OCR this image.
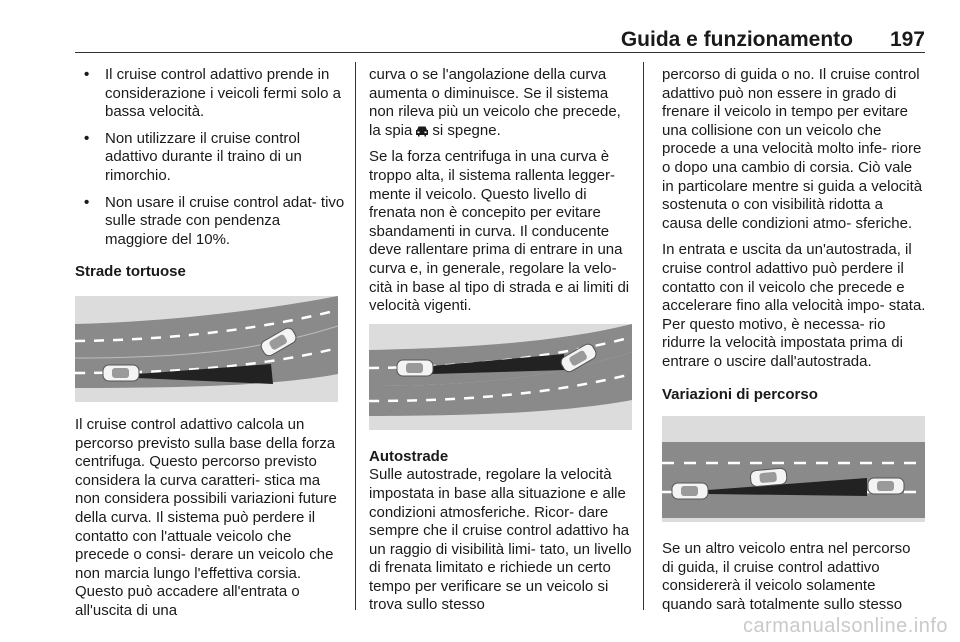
Guida e funzionamento 197
• Il cruise control adattivo prende in considerazione i veicoli fermi solo a bassa velocità.
• Non utilizzare il cruise control adattivo durante il traino di un rimorchio.
• Non usare il cruise control adat- tivo sulle strade con pendenza maggiore del 10%.
Strade tortuose

Il cruise control adattivo calcola un percorso previsto sulla base della forza centrifuga. Questo percorso previsto considera la curva caratteri- stica ma non considera possibili variazioni future della curva. Il sistema può perdere il contatto con l'attuale veicolo che precede o consi- derare un veicolo che non marcia lungo l'effettiva corsia. Questo può accadere all'entrata o all'uscita di una

curva o se l'angolazione della curva aumenta o diminuisce. Se il sistema non rileva più un veicolo che precede, la spia si spegne.

Se la forza centrifuga in una curva è troppo alta, il sistema rallenta legger- mente il veicolo. Questo livello di frenata non è concepito per evitare sbandamenti in curva. Il conducente deve rallentare prima di entrare in una curva e, in generale, regolare la velo- cità in base al tipo di strada e ai limiti di velocità vigenti.

Autostrade

Sulle autostrade, regolare la velocità impostata in base alla situazione e alle condizioni atmosferiche. Ricor- dare sempre che il cruise control adattivo ha un raggio di visibilità limi- tato, un livello di frenata limitato e richiede un certo tempo per verificare se un veicolo si trova sullo stesso

percorso di guida o no. Il cruise control adattivo può non essere in grado di frenare il veicolo in tempo per evitare una collisione con un veicolo che procede a una velocità molto infe- riore o dopo una cambio di corsia. Ciò vale in particolare mentre si guida a velocità sostenuta o con visibilità ridotta a causa delle condizioni atmo- sferiche.

In entrata e uscita da un'autostrada, il cruise control adattivo può perdere il contatto con il veicolo che precede e accelerare fino alla velocità impo- stata. Per questo motivo, è necessa- rio ridurre la velocità impostata prima di entrare o uscire dall'autostrada.

Variazioni di percorso

Se un altro veicolo entra nel percorso di guida, il cruise control adattivo considererà il veicolo solamente quando sarà totalmente sullo stesso

carmanualsonline.info
